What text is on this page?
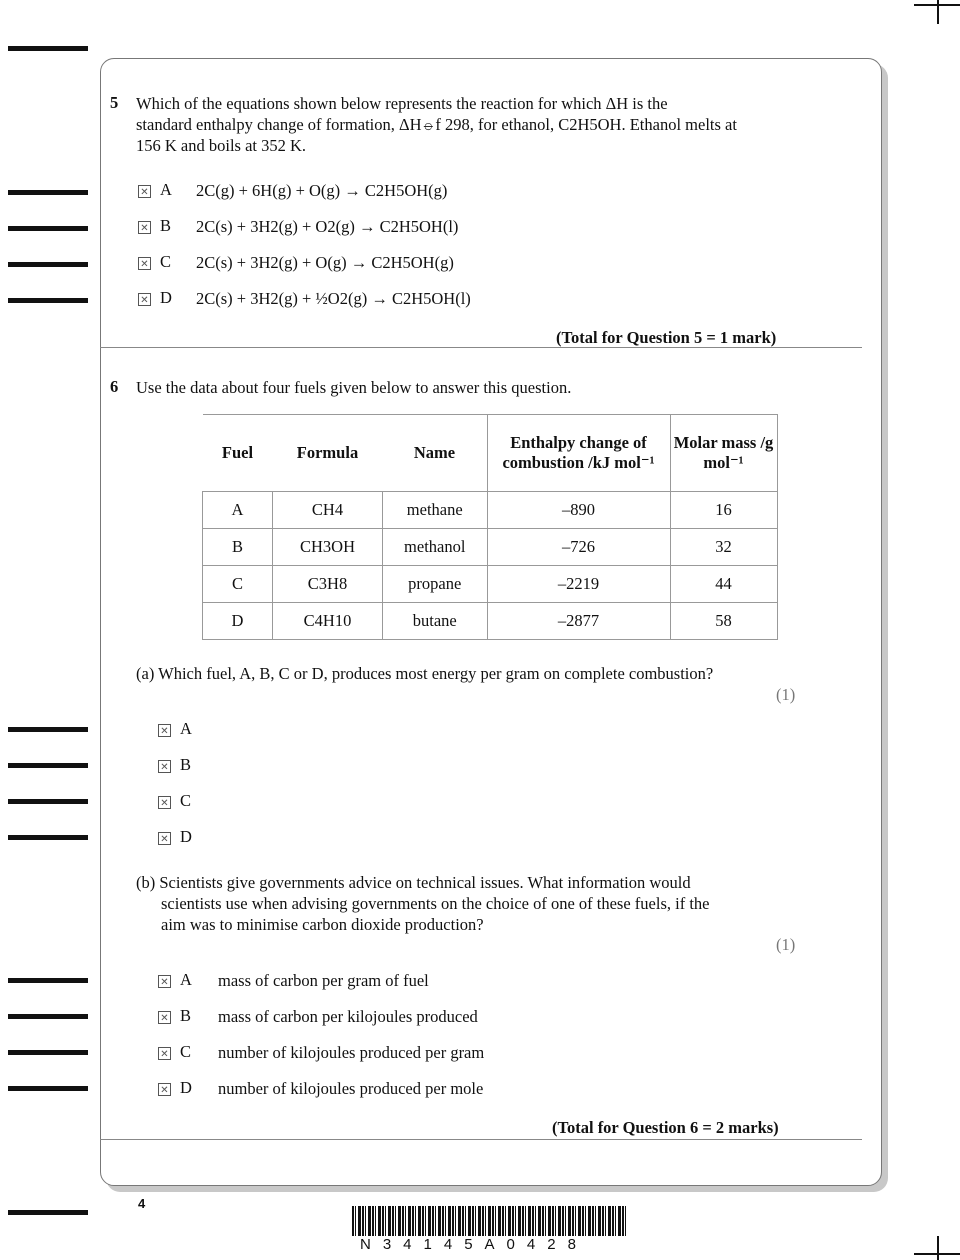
5 Which of the equations shown below represents the reaction for which ΔH is the
standard enthalpy change of formation, ΔH⦵f 298, for ethanol, C2H5OH. Ethanol melts at
156 K and boils at 352 K.
✕
A 2C(g) + 6H(g) + O(g) → C2H5OH(g)
✕
B 2C(s) + 3H2(g) + O2(g) → C2H5OH(l)
✕
C 2C(s) + 3H2(g) + O(g) → C2H5OH(g)
✕
D 2C(s) + 3H2(g) + ½O2(g) → C2H5OH(l)
(Total for Question 5 = 1 mark)
6 Use the data about four fuels given below to answer this question.
Fuel	Formula	Name	Enthalpy change of combustion /kJ mol⁻¹	Molar mass /g mol⁻¹
A	CH4	methane	–890	16
B	CH3OH	methanol	–726	32
C	C3H8	propane	–2219	44
D	C4H10	butane	–2877	58
(a) Which fuel, A, B, C or D, produces most energy per gram on complete combustion?
(1)
✕
A
✕
B
✕
C
✕
D
(b) Scientists give governments advice on technical issues. What information would
scientists use when advising governments on the choice of one of these fuels, if the
aim was to minimise carbon dioxide production?
(1)
✕
A mass of carbon per gram of fuel
✕
B mass of carbon per kilojoules produced
✕
C number of kilojoules produced per gram
✕
D number of kilojoules produced per mole
(Total for Question 6 = 2 marks)
4
N34145A0428
